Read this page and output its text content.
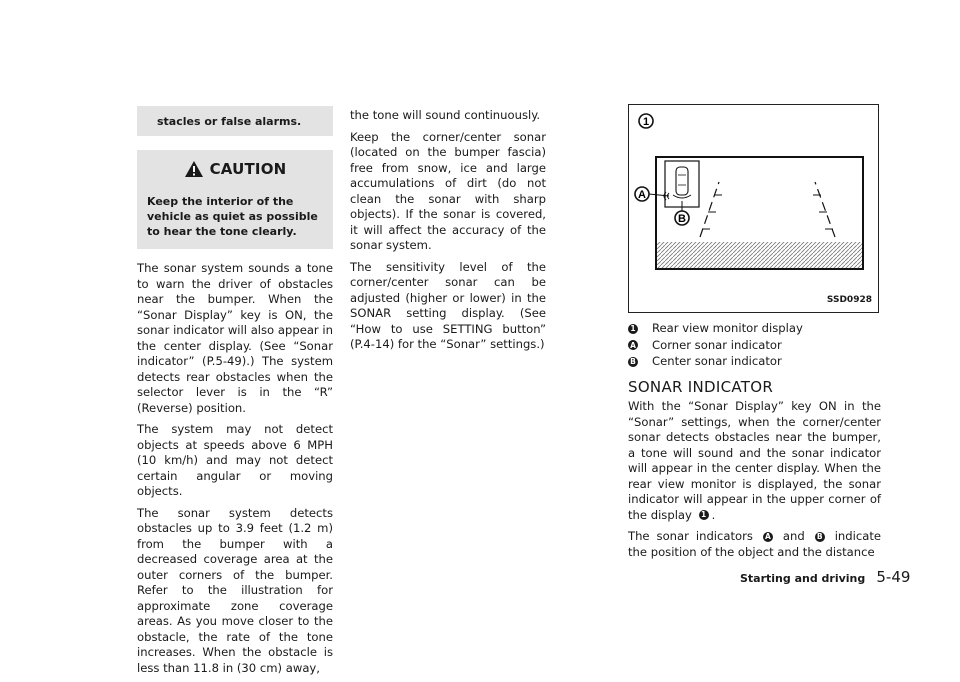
stacles or false alarms.
CAUTION
Keep the interior of the vehicle as quiet as possible to hear the tone clearly.

The sonar system sounds a tone to warn the driver of obstacles near the bumper. When the “Sonar Display” key is ON, the sonar indicator will also appear in the center display. (See “Sonar indicator” (P.5-49).) The system detects rear obstacles when the selector lever is in the “R” (Reverse) position.

The system may not detect objects at speeds above 6 MPH (10 km/h) and may not detect certain angular or moving objects.

The sonar system detects obstacles up to 3.9 feet (1.2 m) from the bumper with a decreased coverage area at the outer corners of the bumper. Refer to the illustration for approximate zone coverage areas. As you move closer to the obstacle, the rate of the tone increases. When the obstacle is less than 11.8 in (30 cm) away,

the tone will sound continuously.

Keep the corner/center sonar (located on the bumper fascia) free from snow, ice and large accumulations of dirt (do not clean the sonar with sharp objects). If the sonar is covered, it will affect the accuracy of the sonar system.

The sensitivity level of the corner/center sonar can be adjusted (higher or lower) in the SONAR setting display. (See “How to use SETTING button” (P.4-14) for the “Sonar” settings.)

1
A
B
SSD0928
1 Rear view monitor display
A Corner sonar indicator
B Center sonar indicator
SONAR INDICATOR

With the “Sonar Display” key ON in the “Sonar” settings, when the corner/center sonar detects obstacles near the bumper, a tone will sound and the sonar indicator will appear in the center display. When the rear view monitor is displayed, the sonar indicator will appear in the upper corner of the display 1 .

The sonar indicators A and B indicate the position of the object and the distance

Starting and driving 5-49
